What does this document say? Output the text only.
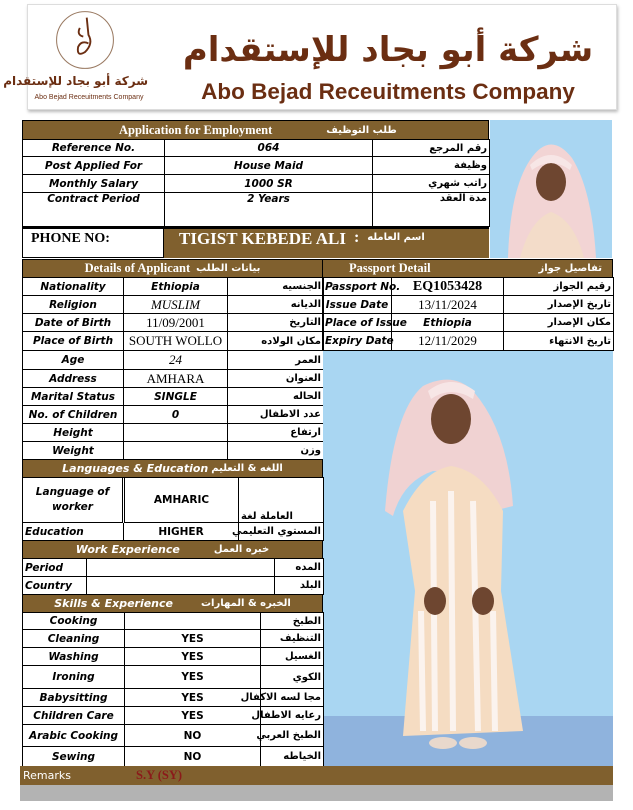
شركة أبو بجاد للإستقدام
Abo Bejad Receuitments Company
شركة أبو بجاد للإستقدام
Abo Bejad Receuitments Company
Application for Employment	طلب التوظيف
Reference No.	064	رقم المرجع
Post Applied For	House Maid	وظيفة
Monthly Salary	1000 SR	راتب شهري
Contract Period	2 Years	مدة العقد
PHONE NO:	TIGIST KEBEDE ALI : اسم العامله
Details of Applicant بيانات الطلب
Nationality	Ethiopia	الجنسيه
Religion	MUSLIM	الديانه
Date of Birth	11/09/2001	التاريخ
Place of Birth	SOUTH WOLLO	مكان الولاده
Age	24	العمر
Address	AMHARA	العنوان
Marital Status	SINGLE	الحاله
No. of Children	0	عدد الاطفال
Height		ارتفاع
Weight		وزن
Passport Detail	تفاصيل جواز
Passport No.	EQ1053428	رقيم الجواز
Issue Date	13/11/2024	تاريخ الإصدار
Place of Issue	Ethiopia	مكان الإصدار
Expiry Date	12/11/2029	تاريخ الانتهاء
Languages & Education اللغه & التعليم
Language of worker	AMHARIC	العاملة لغة
Education	HIGHER	المستوي التعليمي
Work Experience	خبره العمل
Period		المده
Country		البلد
Skills & Experience	الخبره & المهارات
Cooking		الطبخ
Cleaning	YES	التنظيف
Washing	YES	الغسيل
Ironing	YES	الكوي
Babysitting	YES	مجا لسه الاكفال
Children Care	YES	رعايه الاطفال
Arabic Cooking	NO	الطبخ العربي
Sewing	NO	الخياطه
Remarks	S.Y (SY)
